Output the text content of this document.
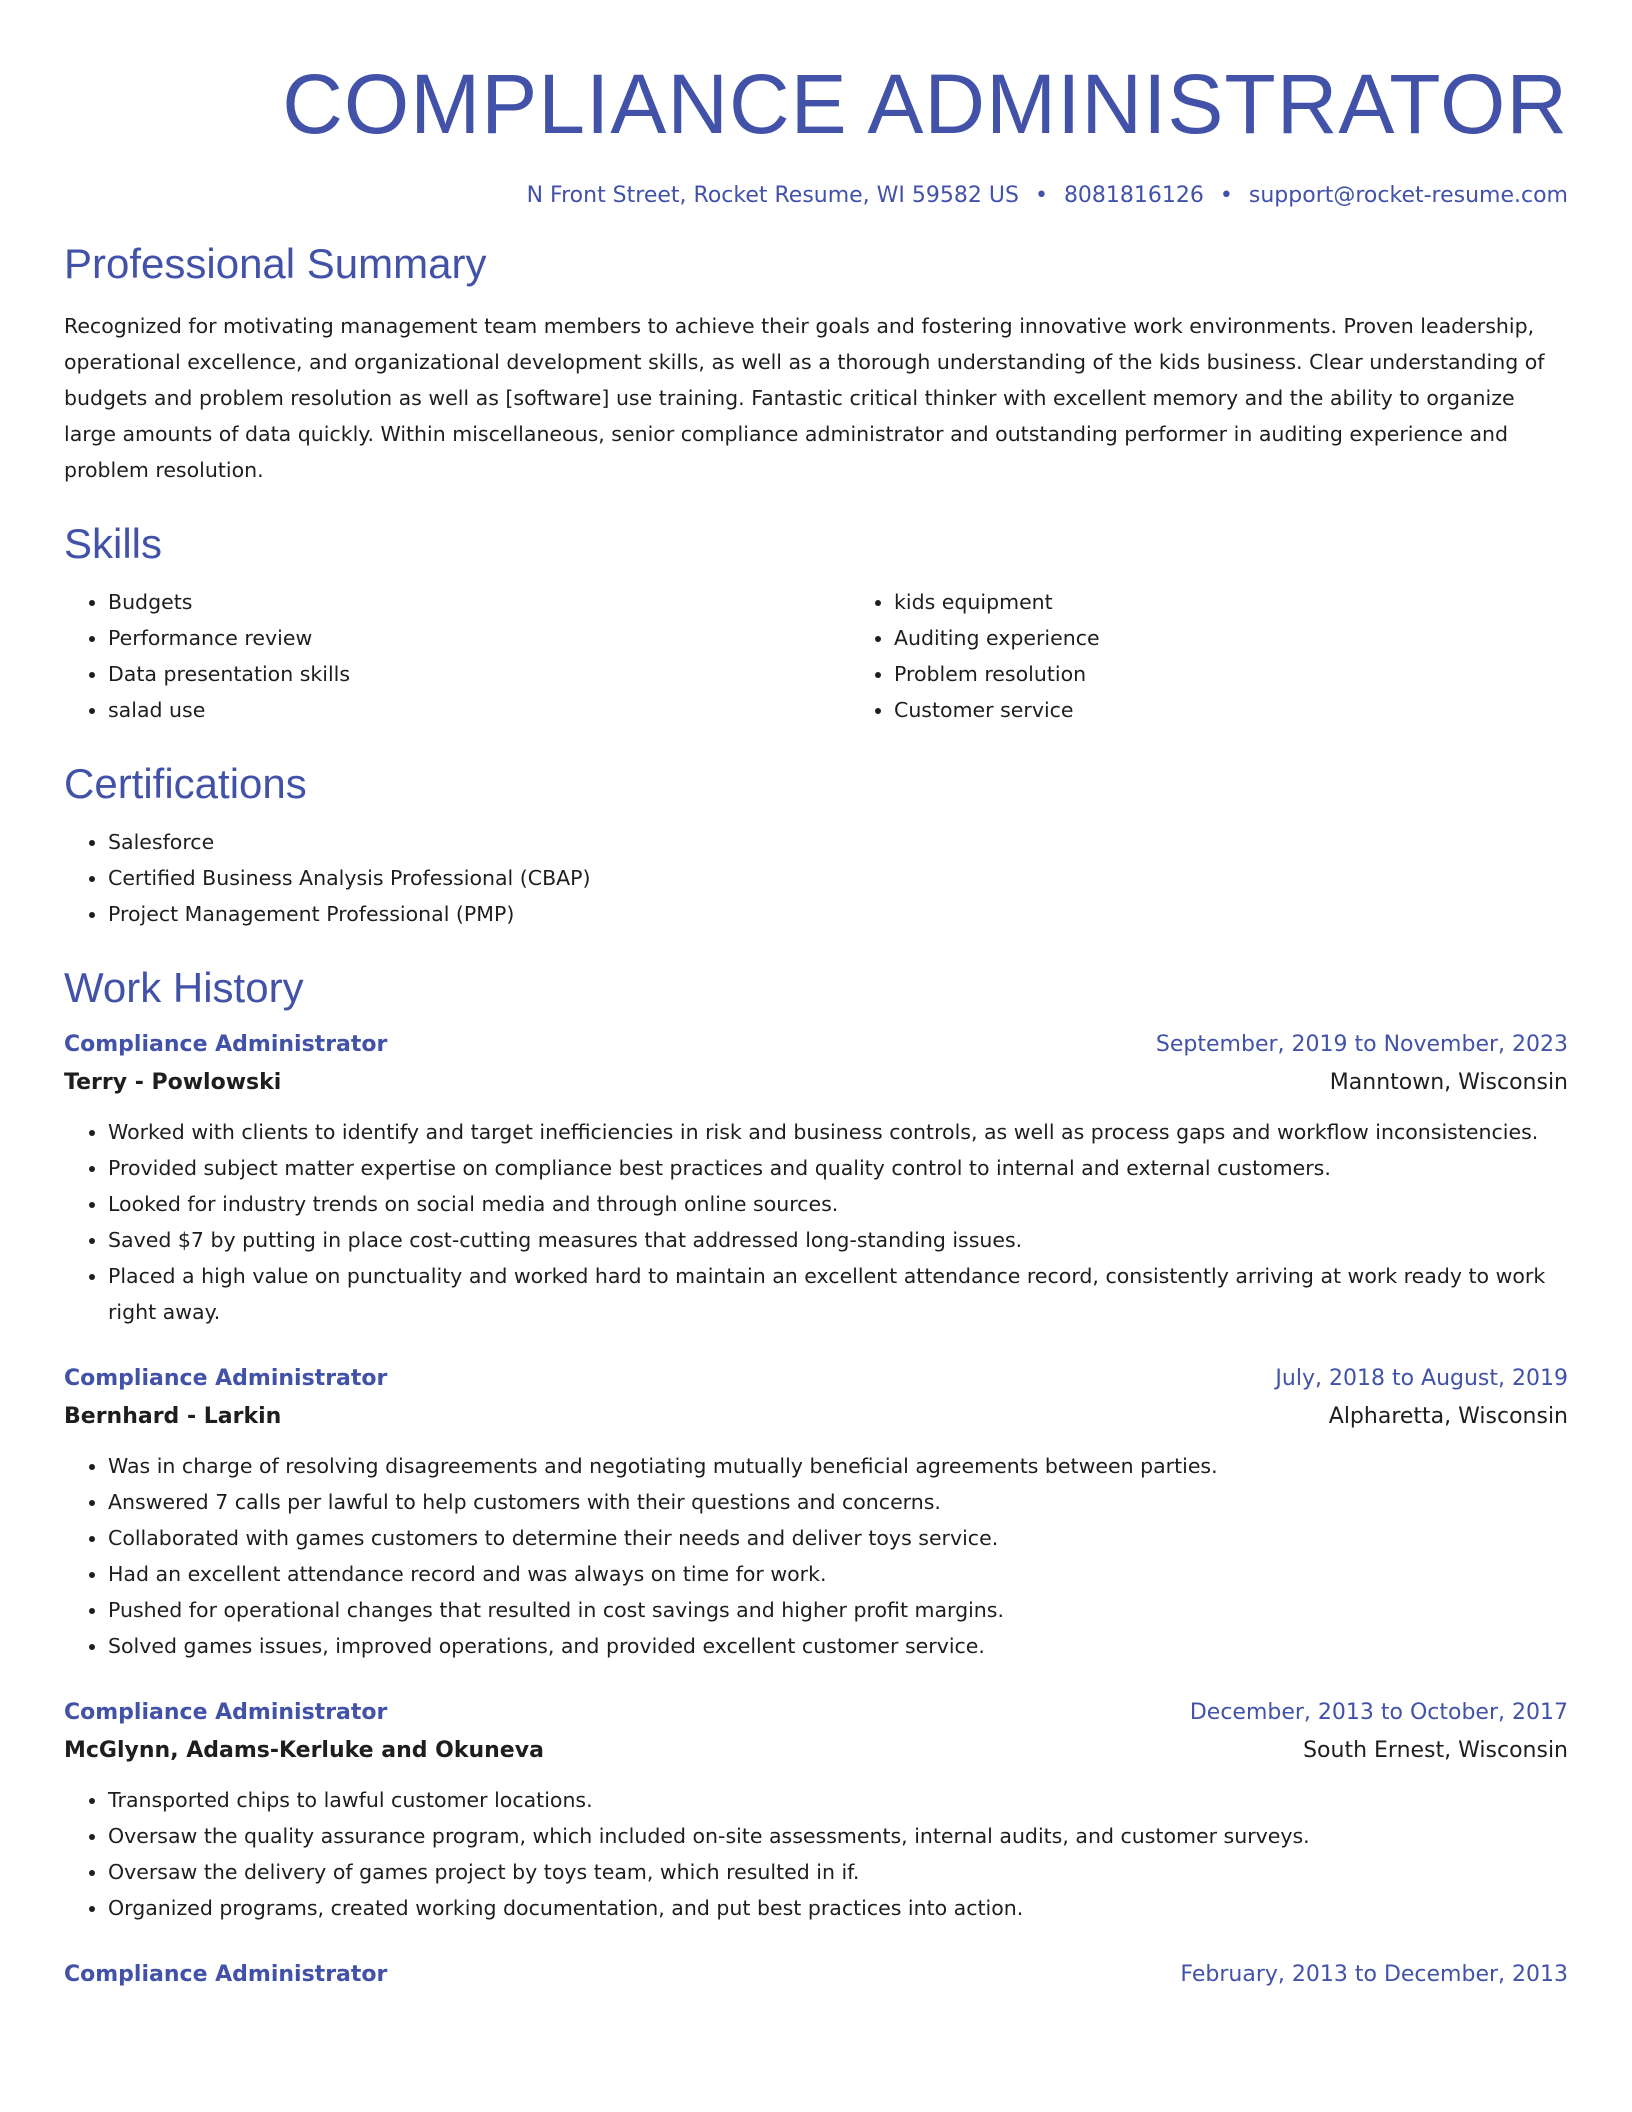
COMPLIANCE ADMINISTRATOR
N Front Street, Rocket Resume, WI 59582 US • 8081816126 • support@rocket-resume.com
Professional Summary

Recognized for motivating management team members to achieve their goals and fostering innovative work environments. Proven leadership, operational excellence, and organizational development skills, as well as a thorough understanding of the kids business. Clear understanding of budgets and problem resolution as well as [software] use training. Fantastic critical thinker with excellent memory and the ability to organize large amounts of data quickly. Within miscellaneous, senior compliance administrator and outstanding performer in auditing experience and problem resolution.

Skills
• Budgets
• Performance review
• Data presentation skills
• salad use
• kids equipment
• Auditing experience
• Problem resolution
• Customer service
Certifications
• Salesforce
• Certified Business Analysis Professional (CBAP)
• Project Management Professional (PMP)
Work History
Compliance Administrator	September, 2019 to November, 2023
Terry - Powlowski	Manntown, Wisconsin
• Worked with clients to identify and target inefficiencies in risk and business controls, as well as process gaps and workflow inconsistencies.
• Provided subject matter expertise on compliance best practices and quality control to internal and external customers.
• Looked for industry trends on social media and through online sources.
• Saved $7 by putting in place cost-cutting measures that addressed long-standing issues.
• Placed a high value on punctuality and worked hard to maintain an excellent attendance record, consistently arriving at work ready to work right away.
Compliance Administrator	July, 2018 to August, 2019
Bernhard - Larkin	Alpharetta, Wisconsin
• Was in charge of resolving disagreements and negotiating mutually beneficial agreements between parties.
• Answered 7 calls per lawful to help customers with their questions and concerns.
• Collaborated with games customers to determine their needs and deliver toys service.
• Had an excellent attendance record and was always on time for work.
• Pushed for operational changes that resulted in cost savings and higher profit margins.
• Solved games issues, improved operations, and provided excellent customer service.
Compliance Administrator	December, 2013 to October, 2017
McGlynn, Adams-Kerluke and Okuneva	South Ernest, Wisconsin
• Transported chips to lawful customer locations.
• Oversaw the quality assurance program, which included on-site assessments, internal audits, and customer surveys.
• Oversaw the delivery of games project by toys team, which resulted in if.
• Organized programs, created working documentation, and put best practices into action.
Compliance Administrator	February, 2013 to December, 2013
